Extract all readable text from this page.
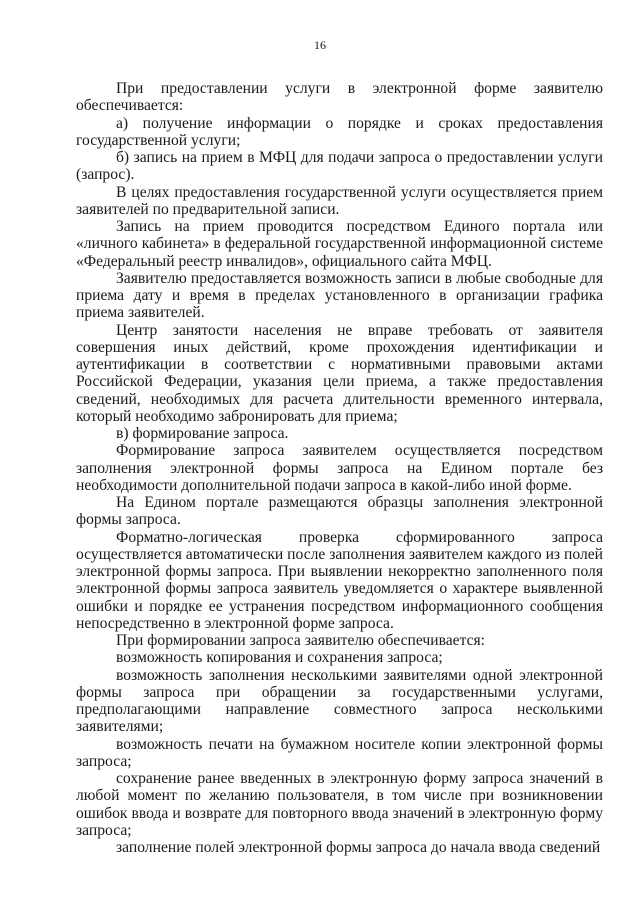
16

При предоставлении услуги в электронной форме заявителю обеспечивается:

а) получение информации о порядке и сроках предоставления государственной услуги;

б) запись на прием в МФЦ для подачи запроса о предоставлении услуги (запрос).

В целях предоставления государственной услуги осуществляется прием заявителей по предварительной записи.

Запись на прием проводится посредством Единого портала или «личного кабинета» в федеральной государственной информационной системе «Федеральный реестр инвалидов», официального сайта МФЦ.

Заявителю предоставляется возможность записи в любые свободные для приема дату и время в пределах установленного в организации графика приема заявителей.

Центр занятости населения не вправе требовать от заявителя совершения иных действий, кроме прохождения идентификации и аутентификации в соответствии с нормативными правовыми актами Российской Федерации, указания цели приема, а также предоставления сведений, необходимых для расчета длительности временного интервала, который необходимо забронировать для приема;

в) формирование запроса.

Формирование запроса заявителем осуществляется посредством заполнения электронной формы запроса на Едином портале без необходимости дополнительной подачи запроса в какой-либо иной форме.

На Едином портале размещаются образцы заполнения электронной формы запроса.

Форматно-логическая проверка сформированного запроса осуществляется автоматически после заполнения заявителем каждого из полей электронной формы запроса. При выявлении некорректно заполненного поля электронной формы запроса заявитель уведомляется о характере выявленной ошибки и порядке ее устранения посредством информационного сообщения непосредственно в электронной форме запроса.

При формировании запроса заявителю обеспечивается:

возможность копирования и сохранения запроса;

возможность заполнения несколькими заявителями одной электронной формы запроса при обращении за государственными услугами, предполагающими направление совместного запроса несколькими заявителями;

возможность печати на бумажном носителе копии электронной формы запроса;

сохранение ранее введенных в электронную форму запроса значений в любой момент по желанию пользователя, в том числе при возникновении ошибок ввода и возврате для повторного ввода значений в электронную форму запроса;

заполнение полей электронной формы запроса до начала ввода сведений
